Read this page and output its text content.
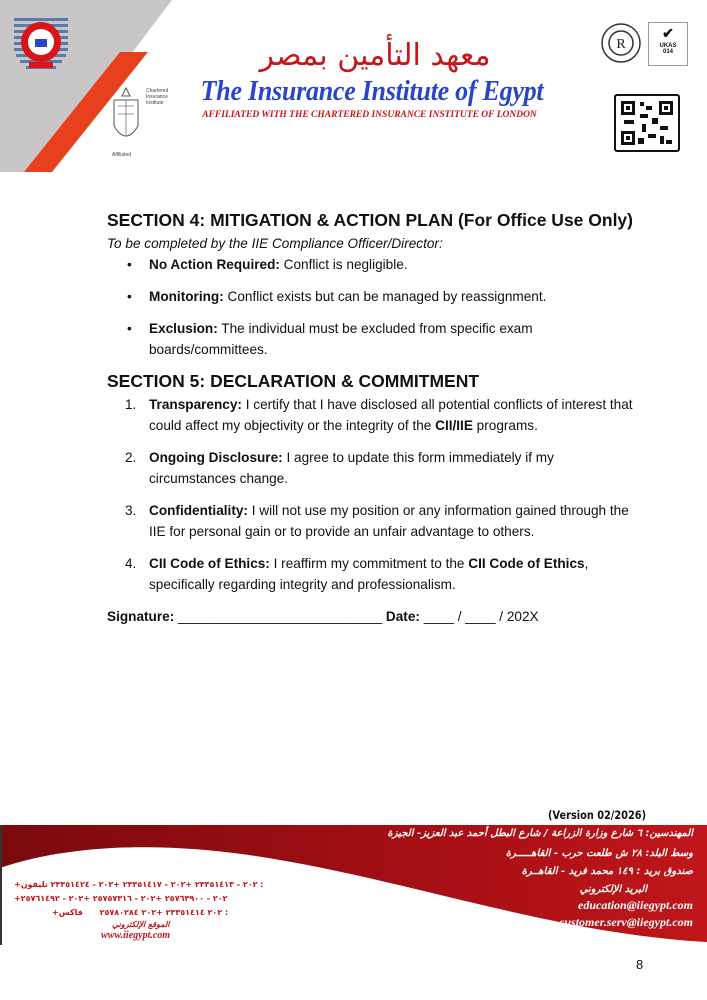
معهد التأمين بمصر
The Insurance Institute of Egypt
AFFILIATED WITH THE CHARTERED INSURANCE INSTITUTE OF LONDON
Chartered Insurance Institute
Affiliated
R
✔
UKAS
014
SECTION 4: MITIGATION & ACTION PLAN (For Office Use Only)

To be completed by the IIE Compliance Officer/Director:

• No Action Required: Conflict is negligible.
• Monitoring: Conflict exists but can be managed by reassignment.
• Exclusion: The individual must be excluded from specific exam boards/committees.
SECTION 5: DECLARATION & COMMITMENT
1. Transparency: I certify that I have disclosed all potential conflicts of interest that could affect my objectivity or the integrity of the CII/IIE programs.
2. Ongoing Disclosure: I agree to update this form immediately if my circumstances change.
3. Confidentiality: I will not use my position or any information gained through the IIE for personal gain or to provide an unfair advantage to others.
4. CII Code of Ethics: I reaffirm my commitment to the CII Code of Ethics, specifically regarding integrity and professionalism.
Signature: ___________________________ Date: ____ / ____ / 202X
(Version 02/2026)
المهندسين: ٦ شارع وزارة الزراعة / شارع البطل أحمد عبد العزيز- الجيزة
وسط البلد: ٢٨ ش طلعت حرب - القاهـــــرة
صندوق بريد : ١٤٩ محمد فريد - القاهــرة
البريد الإلكتروني
education@iiegypt.com
customer.serv@iiegypt.com
+٢٠٢ - ٢٣٣٥١٤١٣ +٢٠٢ - ٢٣٣٥١٤١٧ +٢٠٢ - ٢٣٣٥١٤٢٤ تليفون :
+٢٠٢ - ٢٥٧٦٣٩٠٠ +٢٠٢ - ٢٥٧٥٧٣١٦ +٢٠٢ - ٢٥٧٦١٤٩٢
+٢٠٢ ٢٣٣٥١٤١٤ +٢٠٢ ٢٥٧٨٠٢٨٤      فاكس :
الموقع الإلكتروني
www.iiegypt.com
8
